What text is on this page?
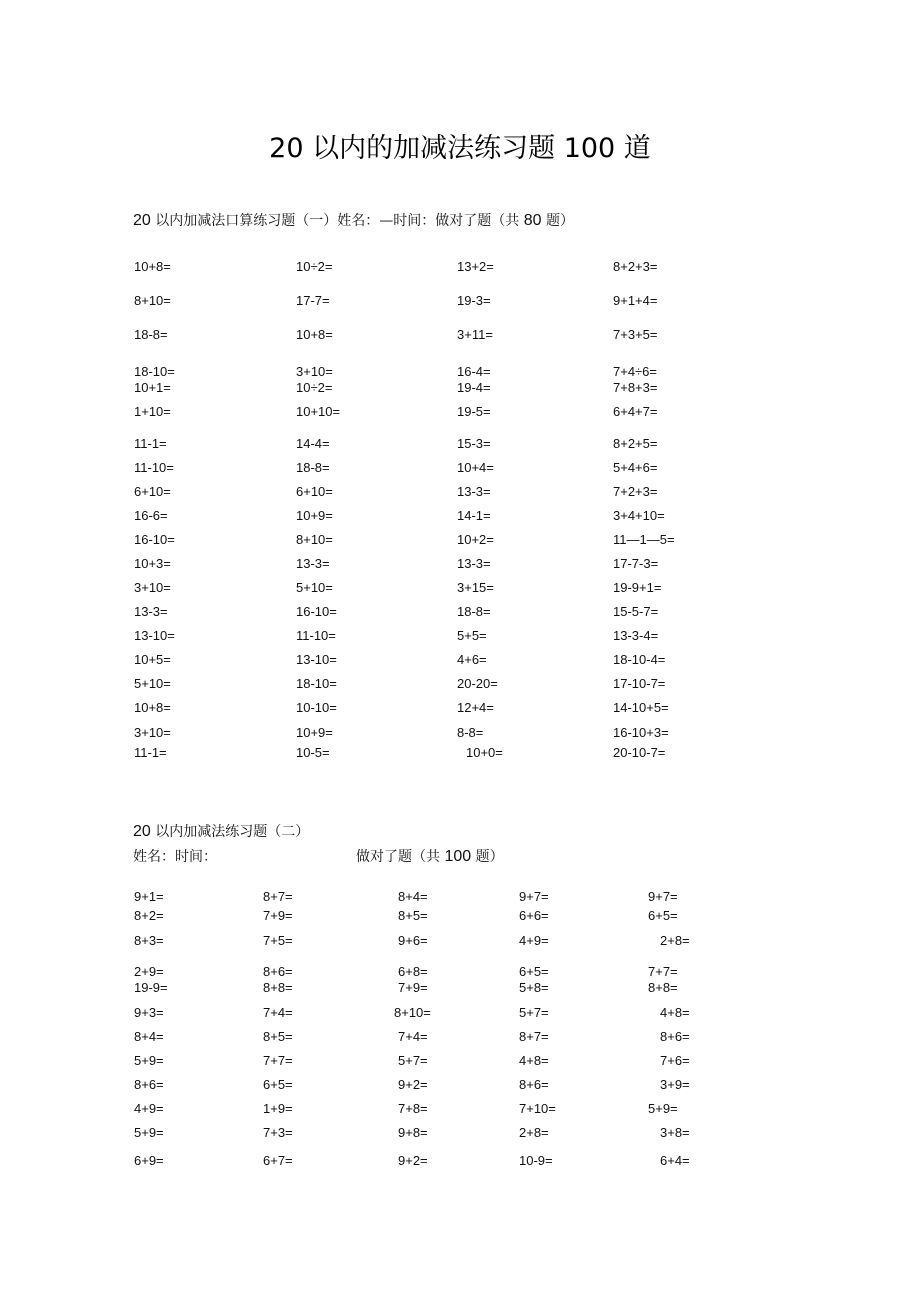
20 以内的加减法练习题 100 道
20 以内加减法口算练习题（一）姓名：—时间：做对了题（共 80 题）
10+8=	10÷2=	13+2=	8+2+3=
8+10=	17-7=	19-3=	9+1+4=
18-8=	10+8=	3+11=	7+3+5=
18-10=	3+10=	16-4=	7+4÷6=
10+1=	10÷2=	19-4=	7+8+3=
1+10=	10+10=	19-5=	6+4+7=
11-1=	14-4=	15-3=	8+2+5=
11-10=	18-8=	10+4=	5+4+6=
6+10=	6+10=	13-3=	7+2+3=
16-6=	10+9=	14-1=	3+4+10=
16-10=	8+10=	10+2=	11—1—5=
10+3=	13-3=	13-3=	17-7-3=
3+10=	5+10=	3+15=	19-9+1=
13-3=	16-10=	18-8=	15-5-7=
13-10=	11-10=	5+5=	13-3-4=
10+5=	13-10=	4+6=	18-10-4=
5+10=	18-10=	20-20=	17-10-7=
10+8=	10-10=	12+4=	14-10+5=
3+10=	10+9=	8-8=	16-10+3=
11-1=	10-5=	10+0=	20-10-7=
20 以内加减法练习题（二）
姓名：时间：	做对了题（共 100 题）
9+1=	8+7=	8+4=	9+7=	9+7=
8+2=	7+9=	8+5=	6+6=	6+5=
8+3=	7+5=	9+6=	4+9=	2+8=
2+9=	8+6=	6+8=	6+5=	7+7=
19-9=	8+8=	7+9=	5+8=	8+8=
9+3=	7+4=	8+10=	5+7=	4+8=
8+4=	8+5=	7+4=	8+7=	8+6=
5+9=	7+7=	5+7=	4+8=	7+6=
8+6=	6+5=	9+2=	8+6=	3+9=
4+9=	1+9=	7+8=	7+10=	5+9=
5+9=	7+3=	9+8=	2+8=	3+8=
6+9=	6+7=	9+2=	10-9=	6+4=
